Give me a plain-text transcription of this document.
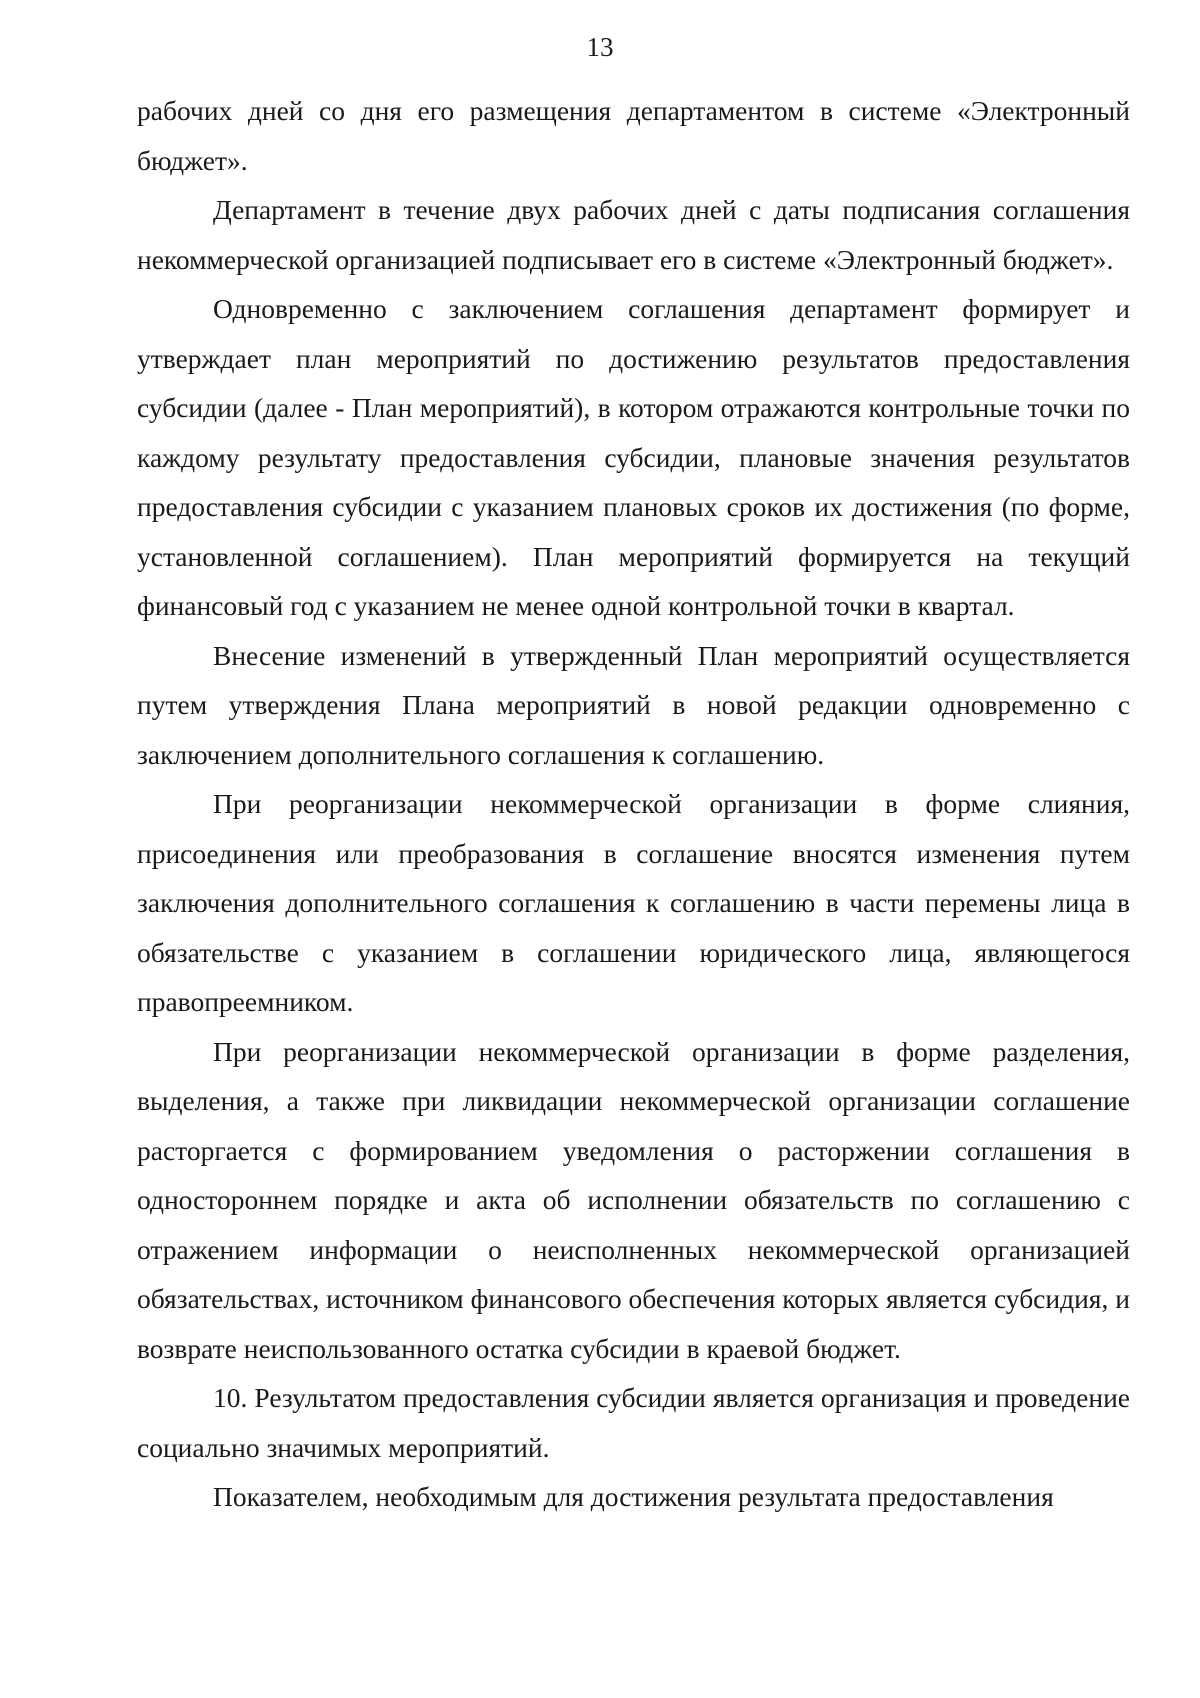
13

рабочих дней со дня его размещения департаментом в системе «Электронный бюджет».

Департамент в течение двух рабочих дней с даты подписания соглашения некоммерческой организацией подписывает его в системе «Электронный бюджет».

Одновременно с заключением соглашения департамент формирует и утверждает план мероприятий по достижению результатов предоставления субсидии (далее - План мероприятий), в котором отражаются контрольные точки по каждому результату предоставления субсидии, плановые значения результатов предоставления субсидии с указанием плановых сроков их достижения (по форме, установленной соглашением). План мероприятий формируется на текущий финансовый год с указанием не менее одной контрольной точки в квартал.

Внесение изменений в утвержденный План мероприятий осуществляется путем утверждения Плана мероприятий в новой редакции одновременно с заключением дополнительного соглашения к соглашению.

При реорганизации некоммерческой организации в форме слияния, присоединения или преобразования в соглашение вносятся изменения путем заключения дополнительного соглашения к соглашению в части перемены лица в обязательстве с указанием в соглашении юридического лица, являющегося правопреемником.

При реорганизации некоммерческой организации в форме разделения, выделения, а также при ликвидации некоммерческой организации соглашение расторгается с формированием уведомления о расторжении соглашения в одностороннем порядке и акта об исполнении обязательств по соглашению с отражением информации о неисполненных некоммерческой организацией обязательствах, источником финансового обеспечения которых является субсидия, и возврате неиспользованного остатка субсидии в краевой бюджет.

10. Результатом предоставления субсидии является организация и проведение социально значимых мероприятий.

Показателем, необходимым для достижения результата предоставления
